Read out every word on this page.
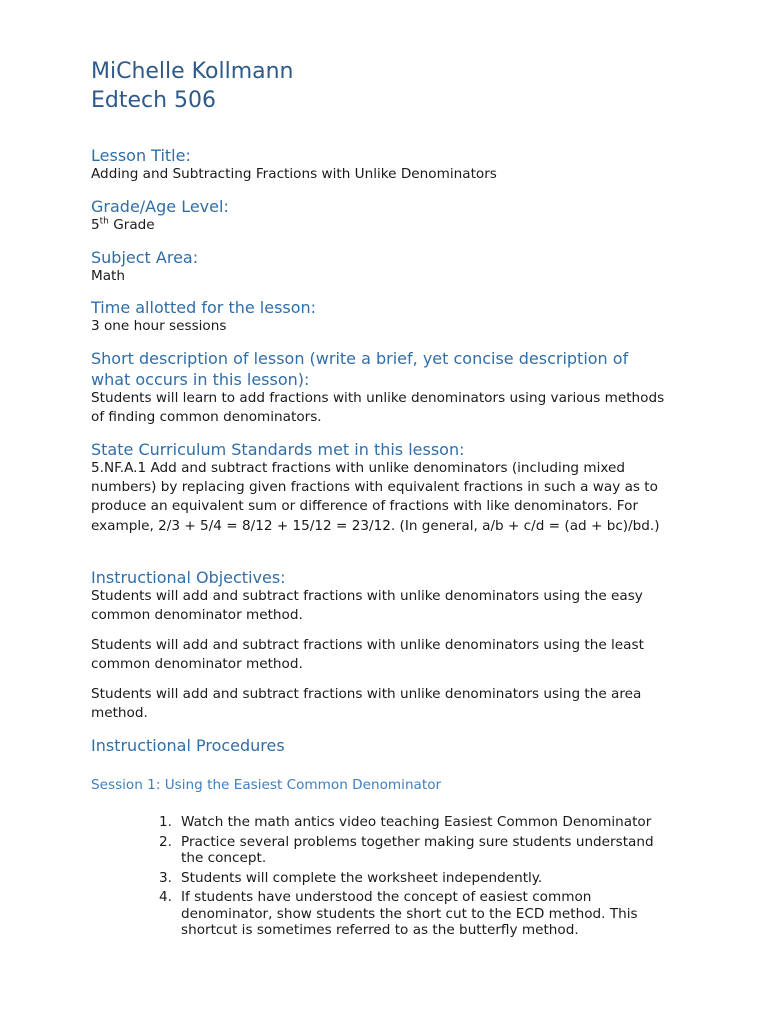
MiChelle Kollmann
Edtech 506
Lesson Title:
Adding and Subtracting Fractions with Unlike Denominators
Grade/Age Level:
5th Grade
Subject Area:
Math
Time allotted for the lesson:
3 one hour sessions
Short description of lesson (write a brief, yet concise description of what occurs in this lesson):
Students will learn to add fractions with unlike denominators using various methods of finding common denominators.
State Curriculum Standards met in this lesson:
5.NF.A.1 Add and subtract fractions with unlike denominators (including mixed numbers) by replacing given fractions with equivalent fractions in such a way as to produce an equivalent sum or difference of fractions with like denominators. For example, 2/3 + 5/4 = 8/12 + 15/12 = 23/12. (In general, a/b + c/d = (ad + bc)/bd.)
Instructional Objectives:
Students will add and subtract fractions with unlike denominators using the easy common denominator method.
Students will add and subtract fractions with unlike denominators using the least common denominator method.
Students will add and subtract fractions with unlike denominators using the area method.
Instructional Procedures
Session 1: Using the Easiest Common Denominator
1. Watch the math antics video teaching Easiest Common Denominator
2. Practice several problems together making sure students understand the concept.
3. Students will complete the worksheet independently.
4. If students have understood the concept of easiest common denominator, show students the short cut to the ECD method. This shortcut is sometimes referred to as the butterfly method.
